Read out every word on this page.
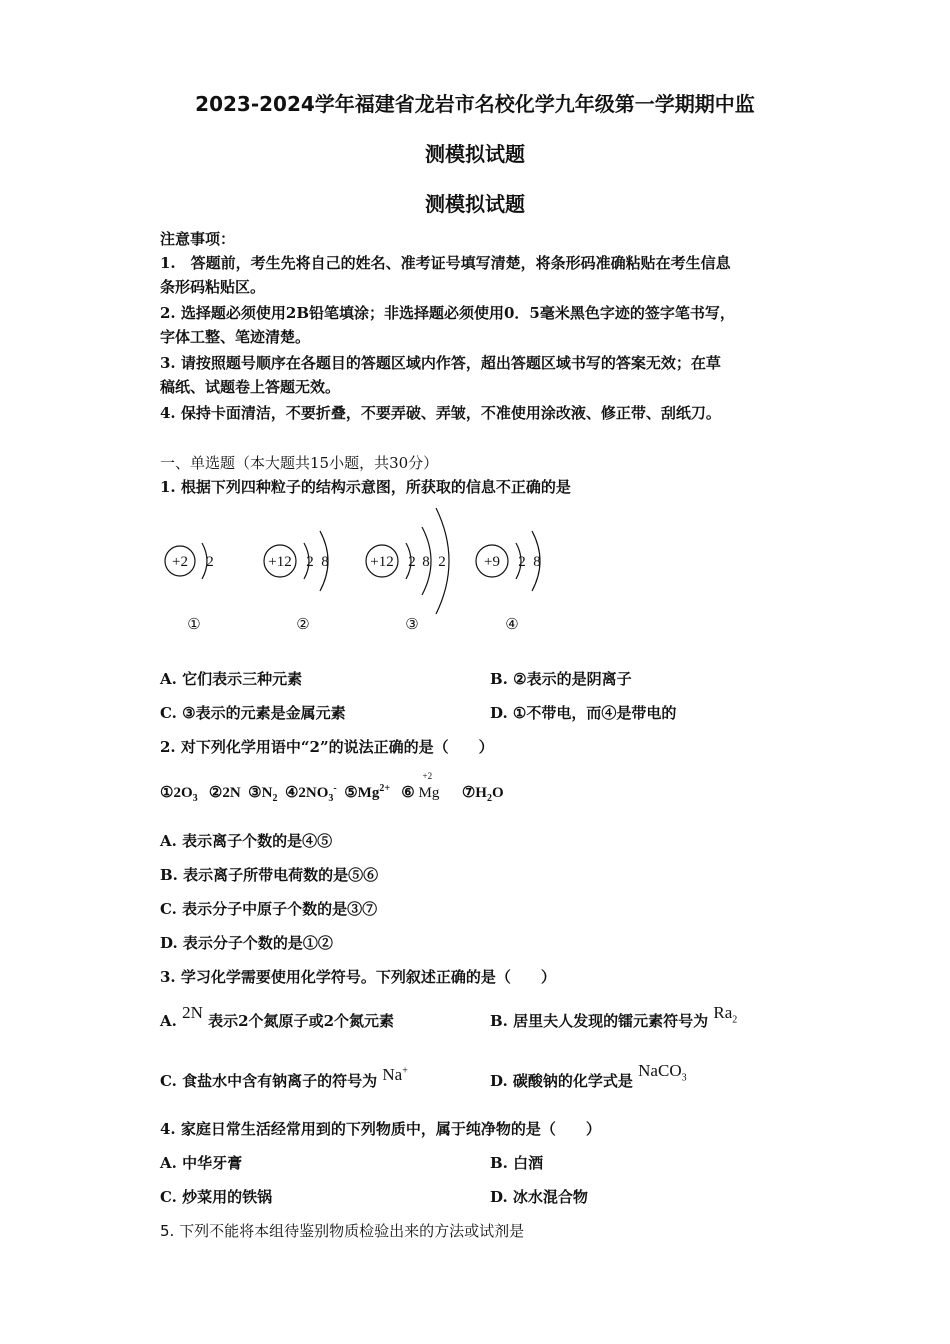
2023-2024学年福建省龙岩市名校化学九年级第一学期期中监
测模拟试题
测模拟试题
注意事项：
1.　答题前，考生先将自己的姓名、准考证号填写清楚，将条形码准确粘贴在考生信息
条形码粘贴区。
2. 选择题必须使用2B铅笔填涂；非选择题必须使用0．5毫米黑色字迹的签字笔书写，
字体工整、笔迹清楚。
3. 请按照题号顺序在各题目的答题区域内作答，超出答题区域书写的答案无效；在草
稿纸、试题卷上答题无效。
4. 保持卡面清洁，不要折叠，不要弄破、弄皱，不准使用涂改液、修正带、刮纸刀。
一、单选题（本大题共15小题，共30分）
1. 根据下列四种粒子的结构示意图，所获取的信息不正确的是
+2 2
①
+12 2 8
②
+12 2 8 2
③
+9 2 8
④
A. 它们表示三种元素	B. ②表示的是阴离子
C. ③表示的元素是金属元素	D. ①不带电，而④是带电的
2. 对下列化学用语中“2”的说法正确的是（　　）
$①2O_3$ ②2N $③N_2$ $④2NO_3^-$ $⑤Mg^{2+}$ ⑥
+2
Mg $⑦H_2O$
A. 表示离子个数的是④⑤
B. 表示离子所带电荷数的是⑤⑥
C. 表示分子中原子个数的是③⑦
D. 表示分子个数的是①②
3. 学习化学需要使用化学符号。下列叙述正确的是（　　）
A. 2N 表示2个氮原子或2个氮元素	B. 居里夫人发现的镭元素符号为 $Ra_2$
C. 食盐水中含有钠离子的符号为 Na+
D. 碳酸钠的化学式是 NaCO$_3$
4. 家庭日常生活经常用到的下列物质中，属于纯净物的是（　　）
A. 中华牙膏	B. 白酒
C. 炒菜用的铁锅	D. 冰水混合物
5. 下列不能将本组待鉴别物质检验出来的方法或试剂是
